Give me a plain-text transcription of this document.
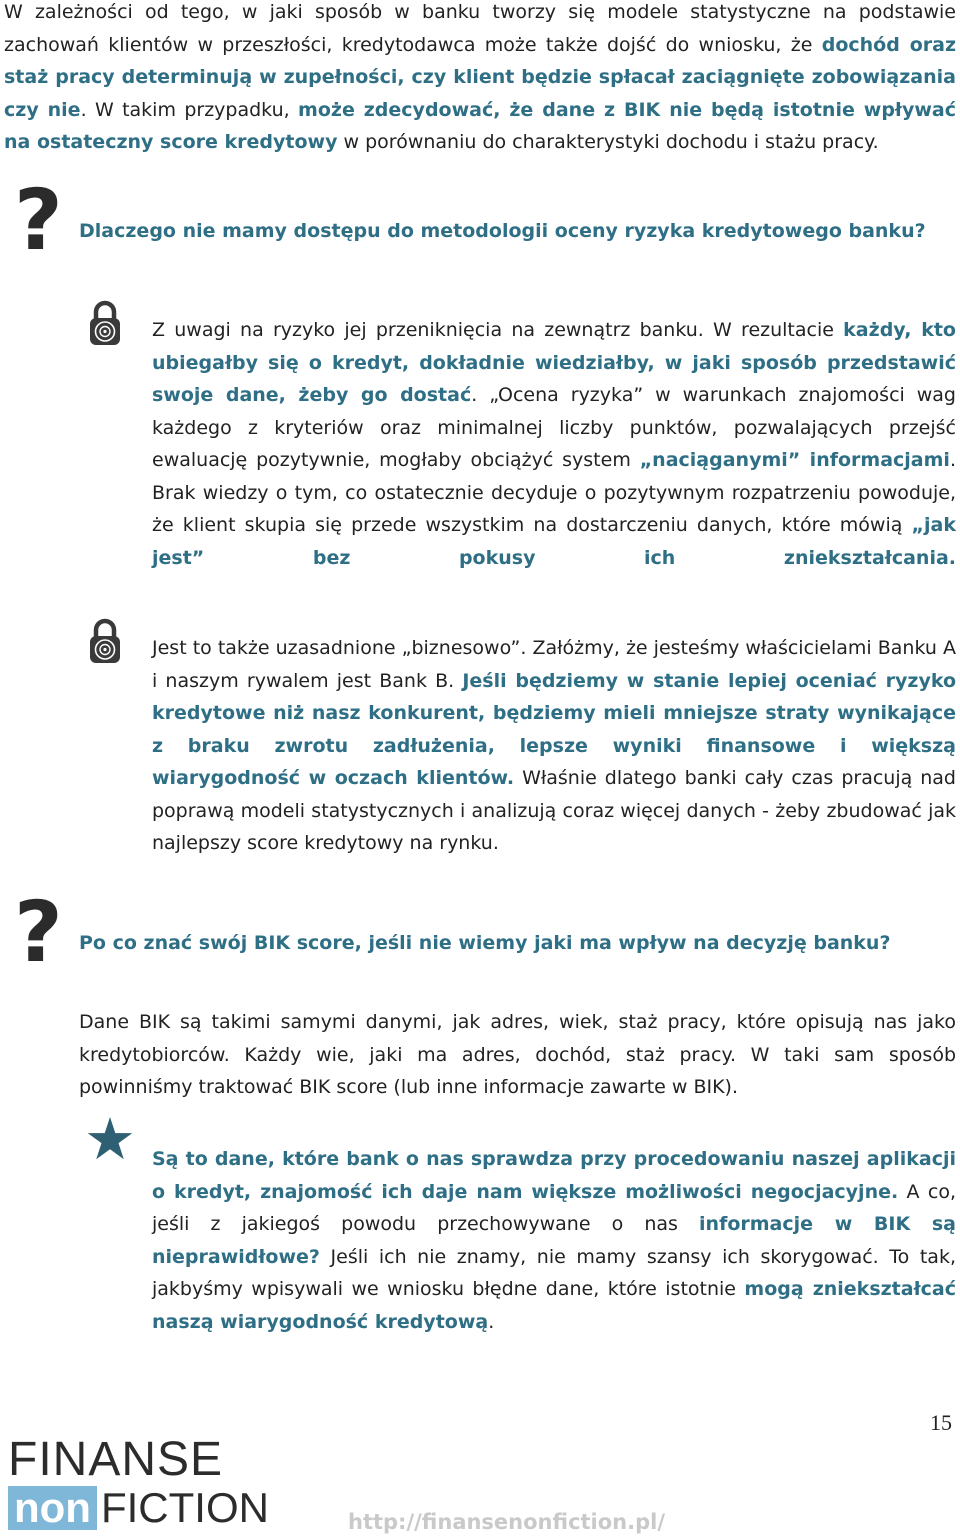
W zależności od tego, w jaki sposób w banku tworzy się modele statystyczne na podstawie zachowań klientów w przeszłości, kredytodawca może także dojść do wniosku, że dochód oraz staż pracy determinują w zupełności, czy klient będzie spłacał zaciągnięte zobowiązania czy nie. W takim przypadku, może zdecydować, że dane z BIK nie będą istotnie wpływać na ostateczny score kredytowy w porównaniu do charakterystyki dochodu i stażu pracy.
? Dlaczego nie mamy dostępu do metodologii oceny ryzyka kredytowego banku?
Z uwagi na ryzyko jej przeniknięcia na zewnątrz banku. W rezultacie każdy, kto ubiegałby się o kredyt, dokładnie wiedziałby, w jaki sposób przedstawić swoje dane, żeby go dostać. „Ocena ryzyka” w warunkach znajomości wag każdego z kryteriów oraz minimalnej liczby punktów, pozwalających przejść ewaluację pozytywnie, mogłaby obciążyć system „naciąganymi” informacjami. Brak wiedzy o tym, co ostatecznie decyduje o pozytywnym rozpatrzeniu powoduje, że klient skupia się przede wszystkim na dostarczeniu danych, które mówią „jak jest” bez pokusy ich zniekształcania.
Jest to także uzasadnione „biznesowo”. Załóżmy, że jesteśmy właścicielami Banku A i naszym rywalem jest Bank B. Jeśli będziemy w stanie lepiej oceniać ryzyko kredytowe niż nasz konkurent, będziemy mieli mniejsze straty wynikające z braku zwrotu zadłużenia, lepsze wyniki finansowe i większą wiarygodność w oczach klientów. Właśnie dlatego banki cały czas pracują nad poprawą modeli statystycznych i analizują coraz więcej danych - żeby zbudować jak najlepszy score kredytowy na rynku.
? Po co znać swój BIK score, jeśli nie wiemy jaki ma wpływ na decyzję banku?
Dane BIK są takimi samymi danymi, jak adres, wiek, staż pracy, które opisują nas jako kredytobiorców. Każdy wie, jaki ma adres, dochód, staż pracy. W taki sam sposób powinniśmy traktować BIK score (lub inne informacje zawarte w BIK).
★ Są to dane, które bank o nas sprawdza przy procedowaniu naszej aplikacji o kredyt, znajomość ich daje nam większe możliwości negocjacyjne. A co, jeśli z jakiegoś powodu przechowywane o nas informacje w BIK są nieprawidłowe? Jeśli ich nie znamy, nie mamy szansy ich skorygować. To tak, jakbyśmy wpisywali we wniosku błędne dane, które istotnie mogą zniekształcać naszą wiarygodność kredytową.
15
FINANSE
non FICTION	http://finansenonfiction.pl/
